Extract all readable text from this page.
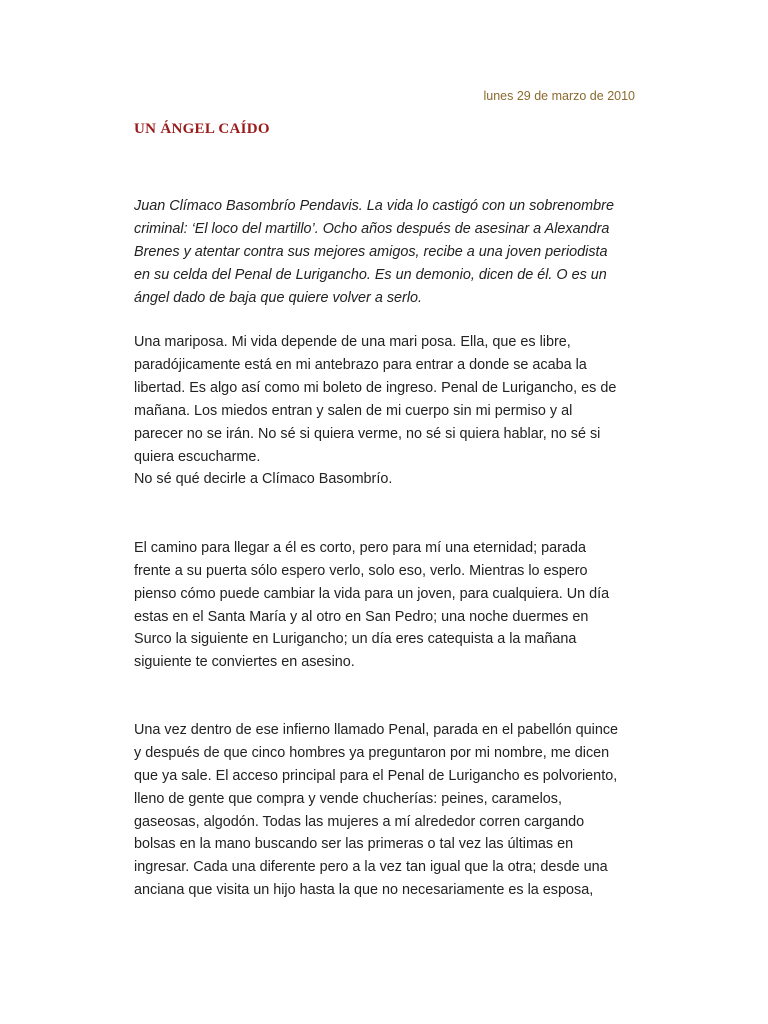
lunes 29 de marzo de 2010
UN ÁNGEL CAÍDO
Juan Clímaco Basombrío Pendavis. La vida lo castigó con un sobrenombre
criminal: ‘El loco del martillo’. Ocho años después de asesinar a Alexandra
Brenes y atentar contra sus mejores amigos, recibe a una joven periodista
en su celda del Penal de Lurigancho. Es un demonio, dicen de él. O es un
ángel dado de baja que quiere volver a serlo.
Una mariposa. Mi vida depende de una mari posa. Ella, que es libre,
paradójicamente está en mi antebrazo para entrar a donde se acaba la
libertad. Es algo así como mi boleto de ingreso. Penal de Lurigancho, es de
mañana. Los miedos entran y salen de mi cuerpo sin mi permiso y al
parecer no se irán. No sé si quiera verme, no sé si quiera hablar, no sé si
quiera escucharme.
No sé qué decirle a Clímaco Basombrío.
El camino para llegar a él es corto, pero para mí una eternidad; parada
frente a su puerta sólo espero verlo, solo eso, verlo. Mientras lo espero
pienso cómo puede cambiar la vida para un joven, para cualquiera. Un día
estas en el Santa María y al otro en San Pedro; una noche duermes en
Surco la siguiente en Lurigancho; un día eres catequista a la mañana
siguiente te conviertes en asesino.
Una vez dentro de ese infierno llamado Penal, parada en el pabellón quince
y después de que cinco hombres ya preguntaron por mi nombre, me dicen
que ya sale. El acceso principal para el Penal de Lurigancho es polvoriento,
lleno de gente que compra y vende chucherías: peines, caramelos,
gaseosas, algodón. Todas las mujeres a mí alrededor corren cargando
bolsas en la mano buscando ser las primeras o tal vez las últimas en
ingresar. Cada una diferente pero a la vez tan igual que la otra; desde una
anciana que visita un hijo hasta la que no necesariamente es la esposa,
